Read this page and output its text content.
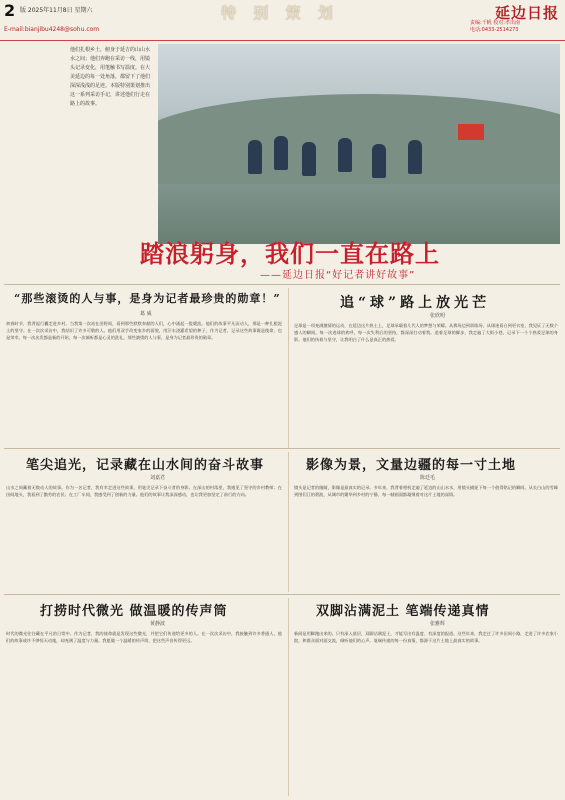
2 版 2025年11月8日 星期六	特 别 策 划
E-mail:bianjibu4248@sohu.com
延边日报
责编:千帆 校对:孝出南
电话:0433-2514273
他们扎根乡土，俯身于延吉的山山水水之间；他们奔跑在采访一线，用镜头记录变化，用笔触书写温度。在大美延边的每一处角落，都留下了他们深深浅浅的足迹。本版特别策划推出这一系列采访手记，讲述他们行走在路上的故事。
踏浪躬身，我们一直在路上
——延边日报“好记者讲好故事”
“那些滚烫的人与事，是身为记者最珍贵的勋章！”
葛 威
初春时节，我背起行囊走进乡村。当我第一次站在田野间，看到那些默默奉献的人们，心中涌起一股暖流。他们的故事平凡而动人，那是一种扎根泥土的坚守。在一次次采访中，我结识了许多可敬的人。他们用双手改变家乡的面貌，用汗水浇灌希望的种子。作为记者，记录这些故事既是使命，也是荣幸。每一次出发都是新的开始，每一次倾听都是心灵的洗礼。那些滚烫的人与事，是身为记者最珍贵的勋章。
追“球”路上放光芒
张欣明
足球是一项充满激情的运动，在延边这片热土上，足球承载着几代人的梦想与荣耀。从赛场边到训练场，从球迷看台到更衣室，我见证了无数个感人的瞬间。每一次进球的欢呼，每一次失利后的坚持，都深深打动着我。追着足球的脚步，我走遍了大街小巷，记录下一个个热爱足球的身影。他们的执着与坚守，让我明白了什么是真正的热爱。
笔尖追光，记录藏在山水间的奋斗故事
刘嘉君
山水之间藏着无数动人的故事。作为一名记者，我有幸走进这些故事，用笔尖记录下奋斗者的身影。在深山的村落里，我遇见了坚守的乡村教师；在田间地头，我看到了勤劳的农民；在工厂车间，我感受到了创新的力量。他们的故事让我深深感动，也让我更加坚定了前行的方向。
影像为景，文量边疆的每一寸土地
陈廷毛
镜头是记者的眼睛，影像是最真实的记录。多年来，我背着相机走遍了延边的山山水水，用镜头捕捉下每一个值得铭记的瞬间。从长白山的雪峰到图们江的碧波，从城市的繁华到乡村的宁静，每一帧画面都凝聚着对这片土地的深情。
打捞时代微光 做温暖的传声筒
黄静波
时代的微光往往藏在平凡的日常中。作为记者，我的使命就是发现这些微光，并把它们传递给更多的人。在一次次采访中，我接触到许多普通人，他们的故事或许不够惊天动地，却充满了温度与力量。我愿做一个温暖的传声筒，把这些声音传得更远。
双脚沾满泥土 笔端传递真情
张雅辉
新闻是用脚跑出来的。只有深入基层，双脚沾满泥土，才能写出有温度、有深度的报道。这些年来，我走过了许多田间小路，走进了许多农家小院，和群众面对面交流，倾听他们的心声。笔端传递的每一份真情，都源于这片土地上最真实的故事。
